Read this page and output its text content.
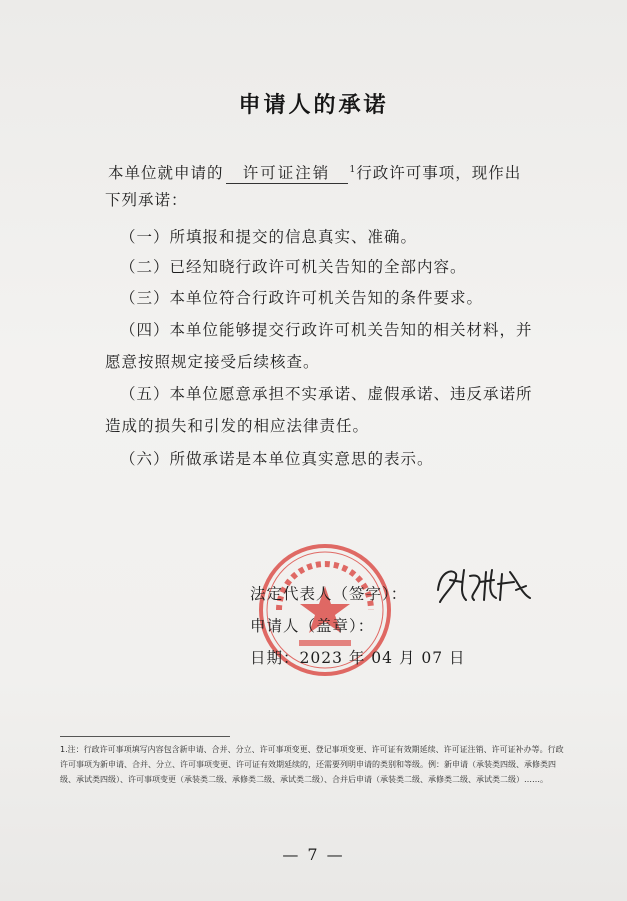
申请人的承诺
本单位就申请的 许可证注销 $^1$行政许可事项，现作出
下列承诺：
（一）所填报和提交的信息真实、准确。
（二）已经知晓行政许可机关告知的全部内容。
（三）本单位符合行政许可机关告知的条件要求。
（四）本单位能够提交行政许可机关告知的相关材料，并
愿意按照规定接受后续核查。
（五）本单位愿意承担不实承诺、虚假承诺、违反承诺所
造成的损失和引发的相应法律责任。
（六）所做承诺是本单位真实意思的表示。
法定代表人（签字）：
申请人（盖章）：
日期：2023 年 04 月 07 日
1.注：行政许可事项填写内容包含新申请、合并、分立、许可事项变更、登记事项变更、许可证有效期延续、许可证注销、许可证补办等。行政许可事项为新申请、合并、分立、许可事项变更、许可证有效期延续的，还需要列明申请的类别和等级。例：新申请（承装类四级、承修类四级、承试类四级）、许可事项变更（承装类二级、承修类二级、承试类二级）、合并后申请（承装类二级、承修类二级、承试类二级）……。
— 7 —
